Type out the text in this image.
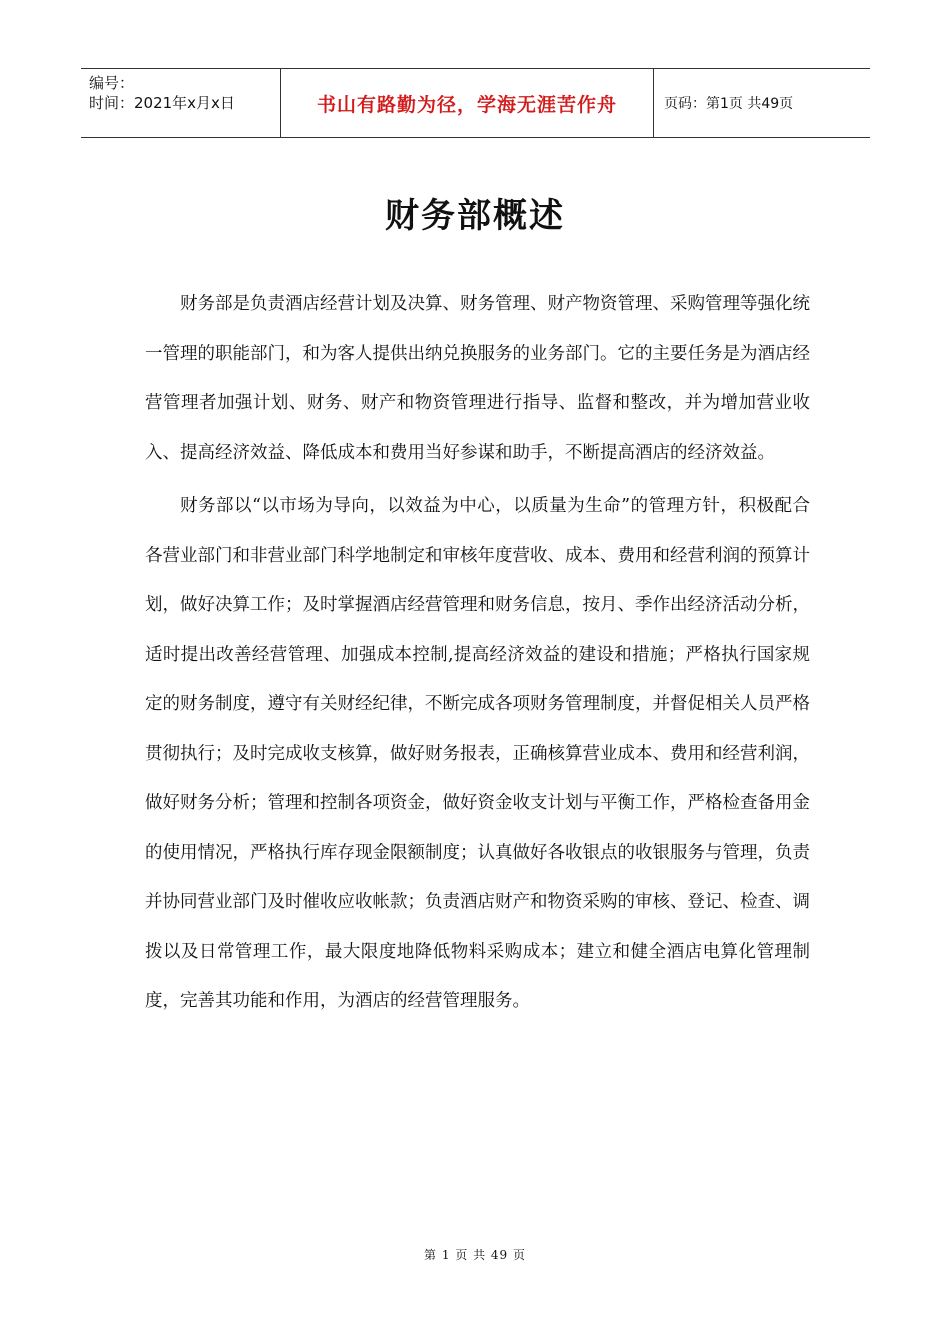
编号：
时间：2021年x月x日	书山有路勤为径，学海无涯苦作舟	页码：第1页 共49页
财务部概述

财务部是负责酒店经营计划及决算、财务管理、财产物资管理、采购管理等强化统一管理的职能部门，和为客人提供出纳兑换服务的业务部门。它的主要任务是为酒店经营管理者加强计划、财务、财产和物资管理进行指导、监督和整改，并为增加营业收入、提高经济效益、降低成本和费用当好参谋和助手，不断提高酒店的经济效益。

财务部以“以市场为导向，以效益为中心，以质量为生命”的管理方针，积极配合各营业部门和非营业部门科学地制定和审核年度营收、成本、费用和经营利润的预算计划，做好决算工作；及时掌握酒店经营管理和财务信息，按月、季作出经济活动分析，适时提出改善经营管理、加强成本控制,提高经济效益的建设和措施；严格执行国家规定的财务制度，遵守有关财经纪律，不断完成各项财务管理制度，并督促相关人员严格贯彻执行；及时完成收支核算，做好财务报表，正确核算营业成本、费用和经营利润，做好财务分析；管理和控制各项资金，做好资金收支计划与平衡工作，严格检查备用金的使用情况，严格执行库存现金限额制度；认真做好各收银点的收银服务与管理，负责并协同营业部门及时催收应收帐款；负责酒店财产和物资采购的审核、登记、检查、调拨以及日常管理工作，最大限度地降低物料采购成本；建立和健全酒店电算化管理制度，完善其功能和作用，为酒店的经营管理服务。

第 1 页 共 49 页
